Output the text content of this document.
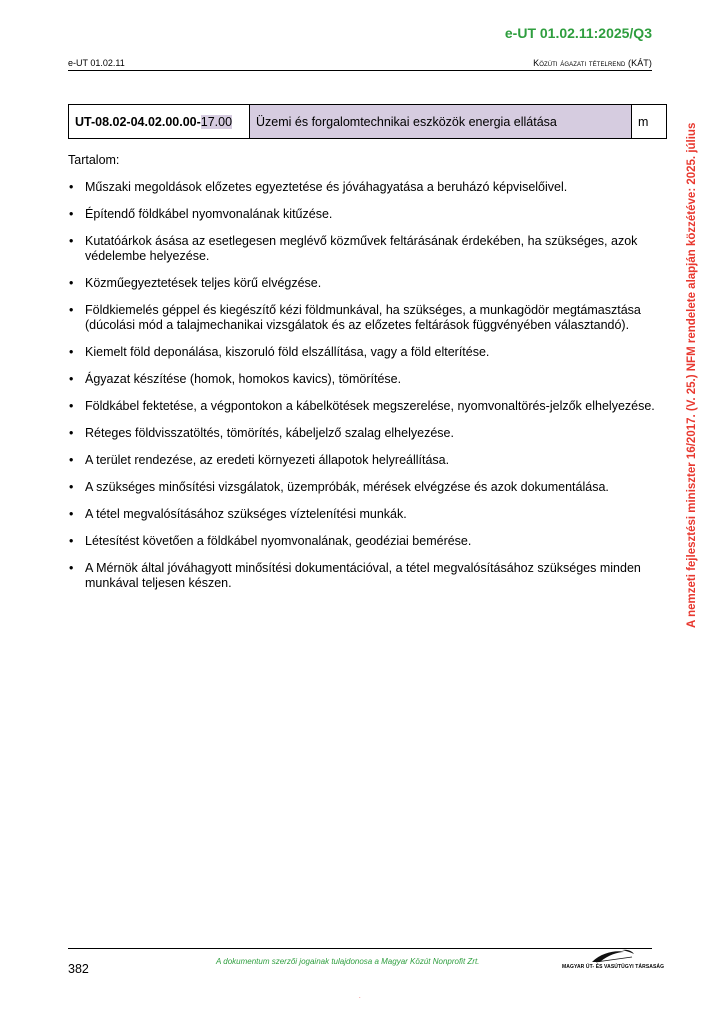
e-UT 01.02.11:2025/Q3
e-UT 01.02.11	Közúti ágazati tételrend (KÁT)
UT-08.02-04.02.00.00-17.00	Üzemi és forgalomtechnikai eszközök energia ellátása	m
Tartalom:
• Műszaki megoldások előzetes egyeztetése és jóváhagyatása a beruházó képviselőivel.
• Építendő földkábel nyomvonalának kitűzése.
• Kutatóárkok ásása az esetlegesen meglévő közművek feltárásának érdekében, ha szükséges, azok védelembe helyezése.
• Közműegyeztetések teljes körű elvégzése.
• Földkiemelés géppel és kiegészítő kézi földmunkával, ha szükséges, a munkagödör megtámasztása (dúcolási mód a talajmechanikai vizsgálatok és az előzetes feltárások függvényében választandó).
• Kiemelt föld deponálása, kiszoruló föld elszállítása, vagy a föld elterítése.
• Ágyazat készítése (homok, homokos kavics), tömörítése.
• Földkábel fektetése, a végpontokon a kábelkötések megszerelése, nyomvonaltörés-jelzők elhelyezése.
• Réteges földvisszatöltés, tömörítés, kábeljelző szalag elhelyezése.
• A terület rendezése, az eredeti környezeti állapotok helyreállítása.
• A szükséges minősítési vizsgálatok, üzempróbák, mérések elvégzése és azok dokumentálása.
• A tétel megvalósításához szükséges víztelenítési munkák.
• Létesítést követően a földkábel nyomvonalának, geodéziai bemérése.
• A Mérnök által jóváhagyott minősítési dokumentációval, a tétel megvalósításához szükséges minden munkával teljesen készen.	A nemzeti fejlesztési miniszter 16/2017. (V. 25.) NFM rendelete alapján közzétéve: 2025. július
382
A dokumentum szerzői jogainak tulajdonosa a Magyar Közút Nonprofit Zrt.
MAGYAR ÚT- ÉS VASÚTÜGYI TÁRSASÁG
.
